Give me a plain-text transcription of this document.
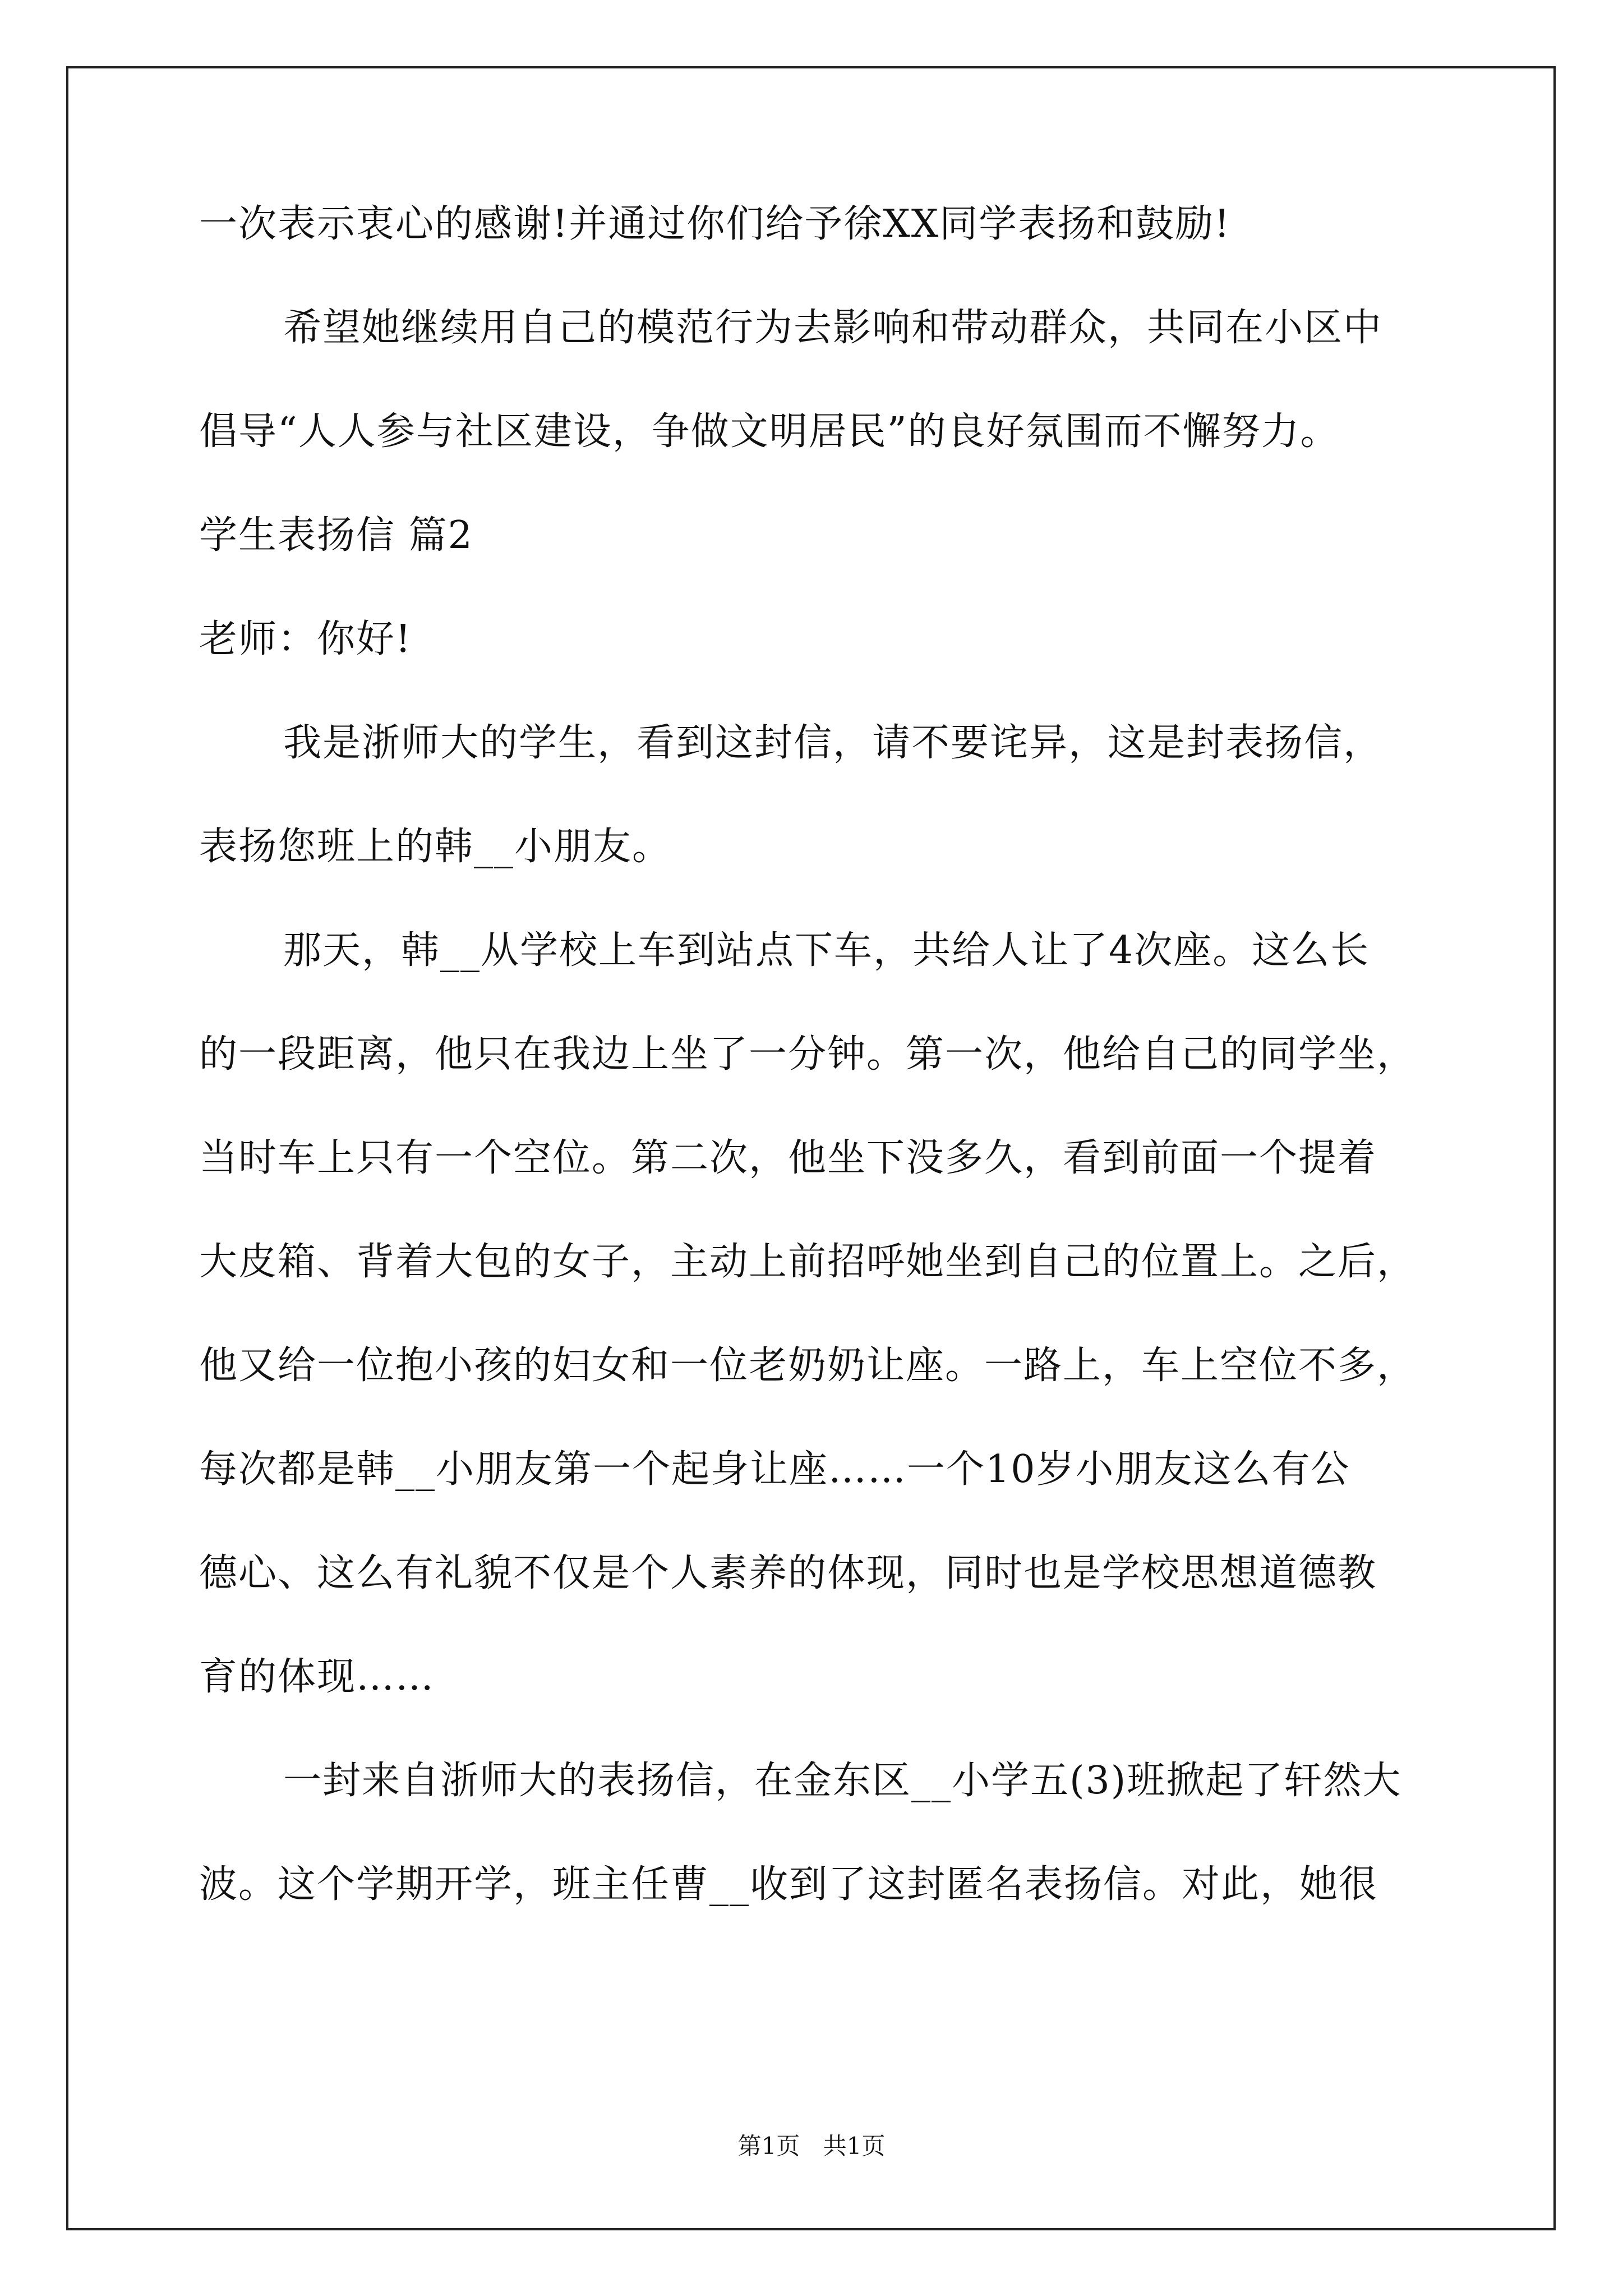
一次表示衷心的感谢!并通过你们给予徐XX同学表扬和鼓励!
希望她继续用自己的模范行为去影响和带动群众，共同在小区中
倡导“人人参与社区建设，争做文明居民”的良好氛围而不懈努力。
学生表扬信 篇2
老师：你好!
我是浙师大的学生，看到这封信，请不要诧异，这是封表扬信，
表扬您班上的韩__小朋友。
那天，韩__从学校上车到站点下车，共给人让了4次座。这么长
的一段距离，他只在我边上坐了一分钟。第一次，他给自己的同学坐，
当时车上只有一个空位。第二次，他坐下没多久，看到前面一个提着
大皮箱、背着大包的女子，主动上前招呼她坐到自己的位置上。之后，
他又给一位抱小孩的妇女和一位老奶奶让座。一路上，车上空位不多，
每次都是韩__小朋友第一个起身让座……一个10岁小朋友这么有公
德心、这么有礼貌不仅是个人素养的体现，同时也是学校思想道德教
育的体现……
一封来自浙师大的表扬信，在金东区__小学五(3)班掀起了轩然大
波。这个学期开学，班主任曹__收到了这封匿名表扬信。对此，她很
第1页 共1页
